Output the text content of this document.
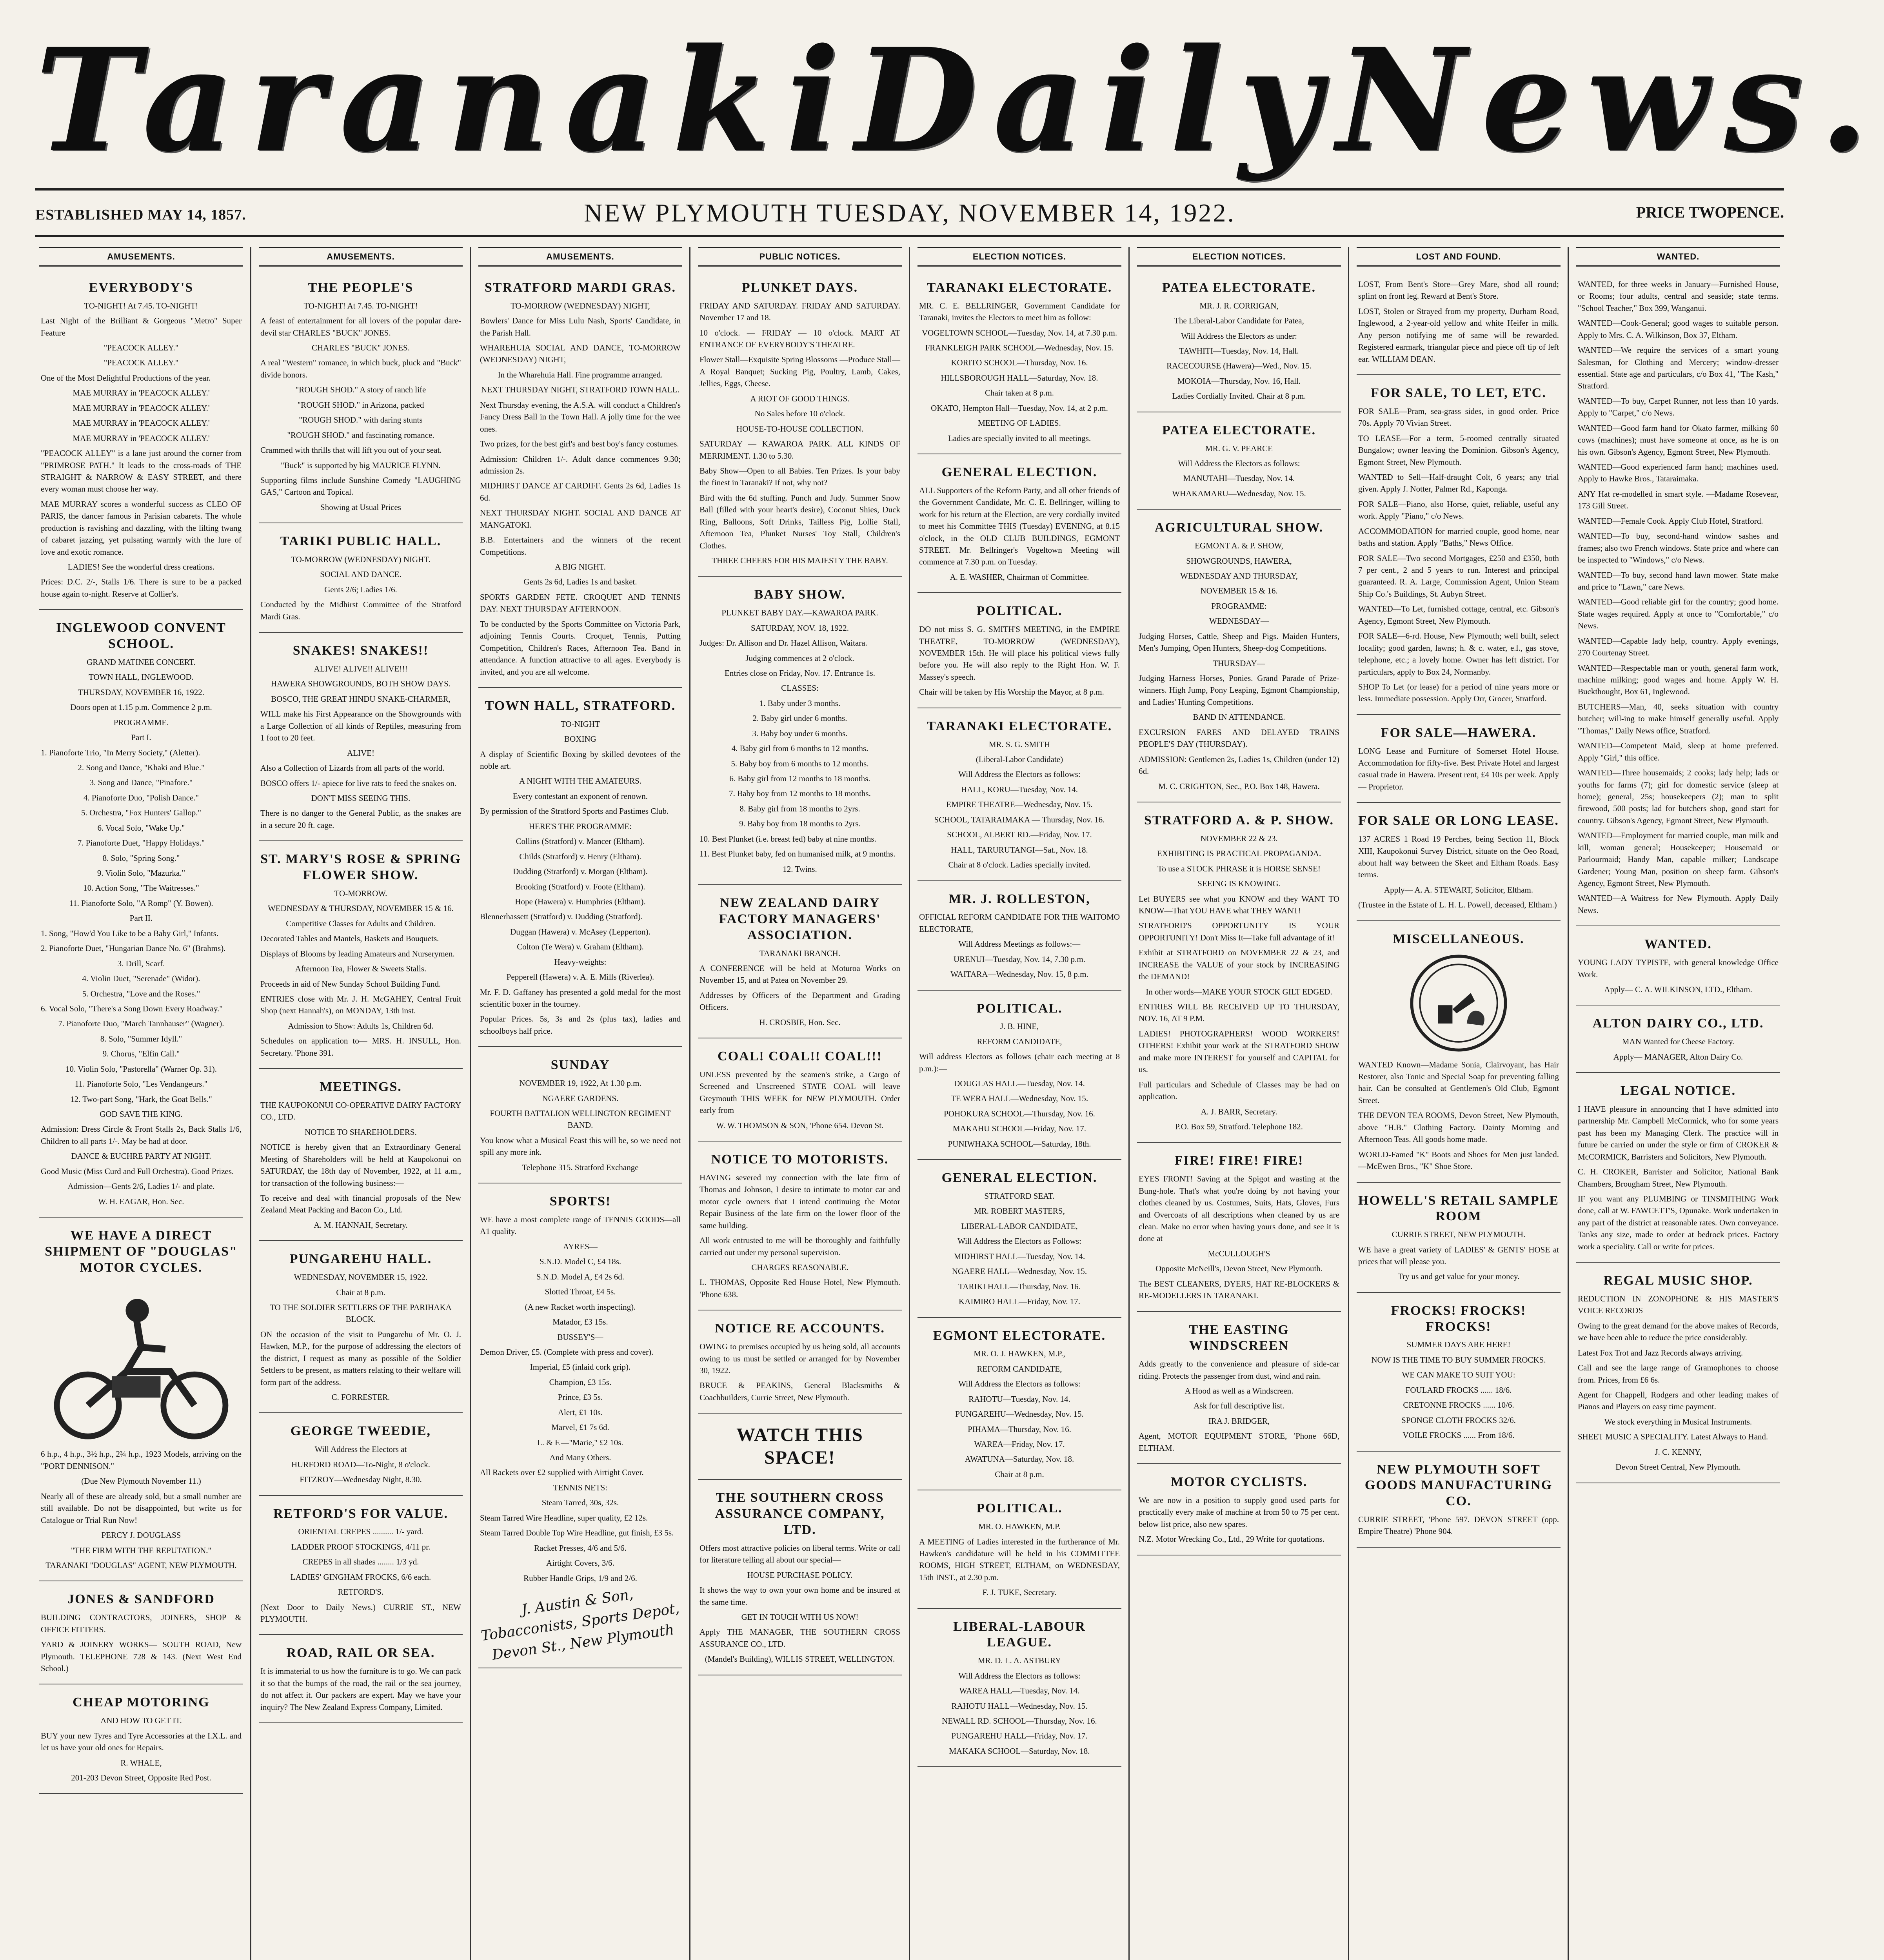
Taranaki Daily News.
ESTABLISHED MAY 14, 1857.	NEW PLYMOUTH TUESDAY, NOVEMBER 14, 1922.	PRICE TWOPENCE.
AMUSEMENTS.
EVERYBODY'S

TO-NIGHT! At 7.45. TO-NIGHT!

Last Night of the Brilliant & Gorgeous "Metro" Super Feature

"PEACOCK ALLEY."

"PEACOCK ALLEY."

One of the Most Delightful Productions of the year.

MAE MURRAY in 'PEACOCK ALLEY.'

MAE MURRAY in 'PEACOCK ALLEY.'

MAE MURRAY in 'PEACOCK ALLEY.'

MAE MURRAY in 'PEACOCK ALLEY.'

"PEACOCK ALLEY" is a lane just around the corner from "PRIMROSE PATH." It leads to the cross-roads of THE STRAIGHT & NARROW & EASY STREET, and there every woman must choose her way.

MAE MURRAY scores a wonderful success as CLEO OF PARIS, the dancer famous in Parisian cabarets. The whole production is ravishing and dazzling, with the lilting twang of cabaret jazzing, yet pulsating warmly with the lure of love and exotic romance.

LADIES! See the wonderful dress creations.

Prices: D.C. 2/-, Stalls 1/6. There is sure to be a packed house again to-night. Reserve at Collier's.

INGLEWOOD CONVENT SCHOOL.

GRAND MATINEE CONCERT.

TOWN HALL, INGLEWOOD.

THURSDAY, NOVEMBER 16, 1922.

Doors open at 1.15 p.m. Commence 2 p.m.

PROGRAMME.

Part I.

1. Pianoforte Trio, "In Merry Society," (Aletter).

2. Song and Dance, "Khaki and Blue."

3. Song and Dance, "Pinafore."

4. Pianoforte Duo, "Polish Dance."

5. Orchestra, "Fox Hunters' Gallop."

6. Vocal Solo, "Wake Up."

7. Pianoforte Duet, "Happy Holidays."

8. Solo, "Spring Song."

9. Violin Solo, "Mazurka."

10. Action Song, "The Waitresses."

11. Pianoforte Solo, "A Romp" (Y. Bowen).

Part II.

1. Song, "How'd You Like to be a Baby Girl," Infants.

2. Pianoforte Duet, "Hungarian Dance No. 6" (Brahms).

3. Drill, Scarf.

4. Violin Duet, "Serenade" (Widor).

5. Orchestra, "Love and the Roses."

6. Vocal Solo, "There's a Song Down Every Roadway."

7. Pianoforte Duo, "March Tannhauser" (Wagner).

8. Solo, "Summer Idyll."

9. Chorus, "Elfin Call."

10. Violin Solo, "Pastorella" (Warner Op. 31).

11. Pianoforte Solo, "Les Vendangeurs."

12. Two-part Song, "Hark, the Goat Bells."

GOD SAVE THE KING.

Admission: Dress Circle & Front Stalls 2s, Back Stalls 1/6, Children to all parts 1/-. May be had at door.

DANCE & EUCHRE PARTY AT NIGHT.

Good Music (Miss Curd and Full Orchestra). Good Prizes.

Admission—Gents 2/6, Ladies 1/- and plate.

W. H. EAGAR, Hon. Sec.

WE HAVE A DIRECT SHIPMENT OF "DOUGLAS" MOTOR CYCLES.

6 h.p., 4 h.p., 3½ h.p., 2¾ h.p., 1923 Models, arriving on the "PORT DENNISON."

(Due New Plymouth November 11.)

Nearly all of these are already sold, but a small number are still available. Do not be disappointed, but write us for Catalogue or Trial Run Now!

PERCY J. DOUGLASS

"THE FIRM WITH THE REPUTATION."

TARANAKI "DOUGLAS" AGENT, NEW PLYMOUTH.

JONES & SANDFORD

BUILDING CONTRACTORS, JOINERS, SHOP & OFFICE FITTERS.

YARD & JOINERY WORKS— SOUTH ROAD, New Plymouth. TELEPHONE 728 & 143. (Next West End School.)

CHEAP MOTORING

AND HOW TO GET IT.

BUY your new Tyres and Tyre Accessories at the I.X.L. and let us have your old ones for Repairs.

R. WHALE,

201-203 Devon Street, Opposite Red Post.

AMUSEMENTS.
THE PEOPLE'S

TO-NIGHT! At 7.45. TO-NIGHT!

A feast of entertainment for all lovers of the popular dare-devil star CHARLES "BUCK" JONES.

CHARLES "BUCK" JONES.

A real "Western" romance, in which buck, pluck and "Buck" divide honors.

"ROUGH SHOD." A story of ranch life

"ROUGH SHOD." in Arizona, packed

"ROUGH SHOD." with daring stunts

"ROUGH SHOD." and fascinating romance.

Crammed with thrills that will lift you out of your seat.

"Buck" is supported by big MAURICE FLYNN.

Supporting films include Sunshine Comedy "LAUGHING GAS," Cartoon and Topical.

Showing at Usual Prices

TARIKI PUBLIC HALL.

TO-MORROW (WEDNESDAY) NIGHT.

SOCIAL AND DANCE.

Gents 2/6; Ladies 1/6.

Conducted by the Midhirst Committee of the Stratford Mardi Gras.

SNAKES! SNAKES!!

ALIVE! ALIVE!! ALIVE!!!

HAWERA SHOWGROUNDS, BOTH SHOW DAYS.

BOSCO, THE GREAT HINDU SNAKE-CHARMER,

WILL make his First Appearance on the Showgrounds with a Large Collection of all kinds of Reptiles, measuring from 1 foot to 20 feet.

ALIVE!

Also a Collection of Lizards from all parts of the world.

BOSCO offers 1/- apiece for live rats to feed the snakes on.

DON'T MISS SEEING THIS.

There is no danger to the General Public, as the snakes are in a secure 20 ft. cage.

ST. MARY'S ROSE & SPRING FLOWER SHOW.

TO-MORROW.

WEDNESDAY & THURSDAY, NOVEMBER 15 & 16.

Competitive Classes for Adults and Children.

Decorated Tables and Mantels, Baskets and Bouquets.

Displays of Blooms by leading Amateurs and Nurserymen.

Afternoon Tea, Flower & Sweets Stalls.

Proceeds in aid of New Sunday School Building Fund.

ENTRIES close with Mr. J. H. McGAHEY, Central Fruit Shop (next Hannah's), on MONDAY, 13th inst.

Admission to Show: Adults 1s, Children 6d.

Schedules on application to— MRS. H. INSULL, Hon. Secretary. 'Phone 391.

MEETINGS.

THE KAUPOKONUI CO-OPERATIVE DAIRY FACTORY CO., LTD.

NOTICE TO SHAREHOLDERS.

NOTICE is hereby given that an Extraordinary General Meeting of Shareholders will be held at Kaupokonui on SATURDAY, the 18th day of November, 1922, at 11 a.m., for transaction of the following business:—

To receive and deal with financial proposals of the New Zealand Meat Packing and Bacon Co., Ltd.

A. M. HANNAH, Secretary.

PUNGAREHU HALL.

WEDNESDAY, NOVEMBER 15, 1922.

Chair at 8 p.m.

TO THE SOLDIER SETTLERS OF THE PARIHAKA BLOCK.

ON the occasion of the visit to Pungarehu of Mr. O. J. Hawken, M.P., for the purpose of addressing the electors of the district, I request as many as possible of the Soldier Settlers to be present, as matters relating to their welfare will form part of the address.

C. FORRESTER.

GEORGE TWEEDIE,

Will Address the Electors at

HURFORD ROAD—To-Night, 8 o'clock.

FITZROY—Wednesday Night, 8.30.

RETFORD'S FOR VALUE.

ORIENTAL CREPES .......... 1/- yard.

LADDER PROOF STOCKINGS, 4/11 pr.

CREPES in all shades ........ 1/3 yd.

LADIES' GINGHAM FROCKS, 6/6 each.

RETFORD'S.

(Next Door to Daily News.) CURRIE ST., NEW PLYMOUTH.

ROAD, RAIL OR SEA.

It is immaterial to us how the furniture is to go. We can pack it so that the bumps of the road, the rail or the sea journey, do not affect it. Our packers are expert. May we have your inquiry? The New Zealand Express Company, Limited.

AMUSEMENTS.
STRATFORD MARDI GRAS.

TO-MORROW (WEDNESDAY) NIGHT,

Bowlers' Dance for Miss Lulu Nash, Sports' Candidate, in the Parish Hall.

WHAREHUIA SOCIAL AND DANCE, TO-MORROW (WEDNESDAY) NIGHT,

In the Wharehuia Hall. Fine programme arranged.

NEXT THURSDAY NIGHT, STRATFORD TOWN HALL.

Next Thursday evening, the A.S.A. will conduct a Children's Fancy Dress Ball in the Town Hall. A jolly time for the wee ones.

Two prizes, for the best girl's and best boy's fancy costumes.

Admission: Children 1/-. Adult dance commences 9.30; admission 2s.

MIDHIRST DANCE AT CARDIFF. Gents 2s 6d, Ladies 1s 6d.

NEXT THURSDAY NIGHT. SOCIAL AND DANCE AT MANGATOKI.

B.B. Entertainers and the winners of the recent Competitions.

A BIG NIGHT.

Gents 2s 6d, Ladies 1s and basket.

SPORTS GARDEN FETE. CROQUET AND TENNIS DAY. NEXT THURSDAY AFTERNOON.

To be conducted by the Sports Committee on Victoria Park, adjoining Tennis Courts. Croquet, Tennis, Putting Competition, Children's Races, Afternoon Tea. Band in attendance. A function attractive to all ages. Everybody is invited, and you are all welcome.

TOWN HALL, STRATFORD.

TO-NIGHT

BOXING

A display of Scientific Boxing by skilled devotees of the noble art.

A NIGHT WITH THE AMATEURS.

Every contestant an exponent of renown.

By permission of the Stratford Sports and Pastimes Club.

HERE'S THE PROGRAMME:

Collins (Stratford) v. Mancer (Eltham).

Childs (Stratford) v. Henry (Eltham).

Dudding (Stratford) v. Morgan (Eltham).

Brooking (Stratford) v. Foote (Eltham).

Hope (Hawera) v. Humphries (Eltham).

Blennerhassett (Stratford) v. Dudding (Stratford).

Duggan (Hawera) v. McAsey (Lepperton).

Colton (Te Wera) v. Graham (Eltham).

Heavy-weights:

Pepperell (Hawera) v. A. E. Mills (Riverlea).

Mr. F. D. Gaffaney has presented a gold medal for the most scientific boxer in the tourney.

Popular Prices. 5s, 3s and 2s (plus tax), ladies and schoolboys half price.

SUNDAY

NOVEMBER 19, 1922, At 1.30 p.m.

NGAERE GARDENS.

FOURTH BATTALION WELLINGTON REGIMENT BAND.

You know what a Musical Feast this will be, so we need not spill any more ink.

Telephone 315. Stratford Exchange

SPORTS!

WE have a most complete range of TENNIS GOODS—all A1 quality.

AYRES—

S.N.D. Model C, £4 18s.

S.N.D. Model A, £4 2s 6d.

Slotted Throat, £4 5s.

(A new Racket worth inspecting).

Matador, £3 15s.

BUSSEY'S—

Demon Driver, £5. (Complete with press and cover).

Imperial, £5 (inlaid cork grip).

Champion, £3 15s.

Prince, £3 5s.

Alert, £1 10s.

Marvel, £1 7s 6d.

L. & F.—"Marie," £2 10s.

And Many Others.

All Rackets over £2 supplied with Airtight Cover.

TENNIS NETS:

Steam Tarred, 30s, 32s.

Steam Tarred Wire Headline, super quality, £2 12s.

Steam Tarred Double Top Wire Headline, gut finish, £3 5s.

Racket Presses, 4/6 and 5/6.

Airtight Covers, 3/6.

Rubber Handle Grips, 1/9 and 2/6.

J. Austin & Son, Tobacconists, Sports Depot, Devon St., New Plymouth
PUBLIC NOTICES.
PLUNKET DAYS.

FRIDAY AND SATURDAY. FRIDAY AND SATURDAY. November 17 and 18.

10 o'clock. — FRIDAY — 10 o'clock. MART AT ENTRANCE OF EVERYBODY'S THEATRE.

Flower Stall—Exquisite Spring Blossoms —Produce Stall—A Royal Banquet; Sucking Pig, Poultry, Lamb, Cakes, Jellies, Eggs, Cheese.

A RIOT OF GOOD THINGS.

No Sales before 10 o'clock.

HOUSE-TO-HOUSE COLLECTION.

SATURDAY — KAWAROA PARK. ALL KINDS OF MERRIMENT. 1.30 to 5.30.

Baby Show—Open to all Babies. Ten Prizes. Is your baby the finest in Taranaki? If not, why not?

Bird with the 6d stuffing. Punch and Judy. Summer Snow Ball (filled with your heart's desire), Coconut Shies, Duck Ring, Balloons, Soft Drinks, Tailless Pig, Lollie Stall, Afternoon Tea, Plunket Nurses' Toy Stall, Children's Clothes.

THREE CHEERS FOR HIS MAJESTY THE BABY.

BABY SHOW.

PLUNKET BABY DAY.—KAWAROA PARK.

SATURDAY, NOV. 18, 1922.

Judges: Dr. Allison and Dr. Hazel Allison, Waitara.

Judging commences at 2 o'clock.

Entries close on Friday, Nov. 17. Entrance 1s.

CLASSES:

1. Baby under 3 months.

2. Baby girl under 6 months.

3. Baby boy under 6 months.

4. Baby girl from 6 months to 12 months.

5. Baby boy from 6 months to 12 months.

6. Baby girl from 12 months to 18 months.

7. Baby boy from 12 months to 18 months.

8. Baby girl from 18 months to 2yrs.

9. Baby boy from 18 months to 2yrs.

10. Best Plunket (i.e. breast fed) baby at nine months.

11. Best Plunket baby, fed on humanised milk, at 9 months.

12. Twins.

NEW ZEALAND DAIRY FACTORY MANAGERS' ASSOCIATION.

TARANAKI BRANCH.

A CONFERENCE will be held at Moturoa Works on November 15, and at Patea on November 29.

Addresses by Officers of the Department and Grading Officers.

H. CROSBIE, Hon. Sec.

COAL! COAL!! COAL!!!

UNLESS prevented by the seamen's strike, a Cargo of Screened and Unscreened STATE COAL will leave Greymouth THIS WEEK for NEW PLYMOUTH. Order early from

W. W. THOMSON & SON, 'Phone 654. Devon St.

NOTICE TO MOTORISTS.

HAVING severed my connection with the late firm of Thomas and Johnson, I desire to intimate to motor car and motor cycle owners that I intend continuing the Motor Repair Business of the late firm on the lower floor of the same building.

All work entrusted to me will be thoroughly and faithfully carried out under my personal supervision.

CHARGES REASONABLE.

L. THOMAS, Opposite Red House Hotel, New Plymouth. 'Phone 638.

NOTICE RE ACCOUNTS.

OWING to premises occupied by us being sold, all accounts owing to us must be settled or arranged for by November 30, 1922.

BRUCE & PEAKINS, General Blacksmiths & Coachbuilders, Currie Street, New Plymouth.

WATCH THIS SPACE!
THE SOUTHERN CROSS ASSURANCE COMPANY, LTD.

Offers most attractive policies on liberal terms. Write or call for literature telling all about our special—

HOUSE PURCHASE POLICY.

It shows the way to own your own home and be insured at the same time.

GET IN TOUCH WITH US NOW!

Apply THE MANAGER, THE SOUTHERN CROSS ASSURANCE CO., LTD.

(Mandel's Building), WILLIS STREET, WELLINGTON.

ELECTION NOTICES.
TARANAKI ELECTORATE.

MR. C. E. BELLRINGER, Government Candidate for Taranaki, invites the Electors to meet him as follow:

VOGELTOWN SCHOOL—Tuesday, Nov. 14, at 7.30 p.m.

FRANKLEIGH PARK SCHOOL—Wednesday, Nov. 15.

KORITO SCHOOL—Thursday, Nov. 16.

HILLSBOROUGH HALL—Saturday, Nov. 18.

Chair taken at 8 p.m.

OKATO, Hempton Hall—Tuesday, Nov. 14, at 2 p.m.

MEETING OF LADIES.

Ladies are specially invited to all meetings.

GENERAL ELECTION.

ALL Supporters of the Reform Party, and all other friends of the Government Candidate, Mr. C. E. Bellringer, willing to work for his return at the Election, are very cordially invited to meet his Committee THIS (Tuesday) EVENING, at 8.15 o'clock, in the OLD CLUB BUILDINGS, EGMONT STREET. Mr. Bellringer's Vogeltown Meeting will commence at 7.30 p.m. on Tuesday.

A. E. WASHER, Chairman of Committee.

POLITICAL.

DO not miss S. G. SMITH'S MEETING, in the EMPIRE THEATRE, TO-MORROW (WEDNESDAY), NOVEMBER 15th. He will place his political views fully before you. He will also reply to the Right Hon. W. F. Massey's speech.

Chair will be taken by His Worship the Mayor, at 8 p.m.

TARANAKI ELECTORATE.

MR. S. G. SMITH

(Liberal-Labor Candidate)

Will Address the Electors as follows:

HALL, KORU—Tuesday, Nov. 14.

EMPIRE THEATRE—Wednesday, Nov. 15.

SCHOOL, TATARAIMAKA — Thursday, Nov. 16.

SCHOOL, ALBERT RD.—Friday, Nov. 17.

HALL, TARURUTANGI—Sat., Nov. 18.

Chair at 8 o'clock. Ladies specially invited.

MR. J. ROLLESTON,

OFFICIAL REFORM CANDIDATE FOR THE WAITOMO ELECTORATE,

Will Address Meetings as follows:—

URENUI—Tuesday, Nov. 14, 7.30 p.m.

WAITARA—Wednesday, Nov. 15, 8 p.m.

POLITICAL.

J. B. HINE,

REFORM CANDIDATE,

Will address Electors as follows (chair each meeting at 8 p.m.):—

DOUGLAS HALL—Tuesday, Nov. 14.

TE WERA HALL—Wednesday, Nov. 15.

POHOKURA SCHOOL—Thursday, Nov. 16.

MAKAHU SCHOOL—Friday, Nov. 17.

PUNIWHAKA SCHOOL—Saturday, 18th.

GENERAL ELECTION.

STRATFORD SEAT.

MR. ROBERT MASTERS,

LIBERAL-LABOR CANDIDATE,

Will Address the Electors as Follows:

MIDHIRST HALL—Tuesday, Nov. 14.

NGAERE HALL—Wednesday, Nov. 15.

TARIKI HALL—Thursday, Nov. 16.

KAIMIRO HALL—Friday, Nov. 17.

EGMONT ELECTORATE.

MR. O. J. HAWKEN, M.P.,

REFORM CANDIDATE,

Will Address the Electors as follows:

RAHOTU—Tuesday, Nov. 14.

PUNGAREHU—Wednesday, Nov. 15.

PIHAMA—Thursday, Nov. 16.

WAREA—Friday, Nov. 17.

AWATUNA—Saturday, Nov. 18.

Chair at 8 p.m.

POLITICAL.

MR. O. HAWKEN, M.P.

A MEETING of Ladies interested in the furtherance of Mr. Hawken's candidature will be held in his COMMITTEE ROOMS, HIGH STREET, ELTHAM, on WEDNESDAY, 15th INST., at 2.30 p.m.

F. J. TUKE, Secretary.

LIBERAL-LABOUR LEAGUE.

MR. D. L. A. ASTBURY

Will Address the Electors as follows:

WAREA HALL—Tuesday, Nov. 14.

RAHOTU HALL—Wednesday, Nov. 15.

NEWALL RD. SCHOOL—Thursday, Nov. 16.

PUNGAREHU HALL—Friday, Nov. 17.

MAKAKA SCHOOL—Saturday, Nov. 18.

ELECTION NOTICES.
PATEA ELECTORATE.

MR. J. R. CORRIGAN,

The Liberal-Labor Candidate for Patea,

Will Address the Electors as under:

TAWHITI—Tuesday, Nov. 14, Hall.

RACECOURSE (Hawera)—Wed., Nov. 15.

MOKOIA—Thursday, Nov. 16, Hall.

Ladies Cordially Invited. Chair at 8 p.m.

PATEA ELECTORATE.

MR. G. V. PEARCE

Will Address the Electors as follows:

MANUTAHI—Tuesday, Nov. 14.

WHAKAMARU—Wednesday, Nov. 15.

AGRICULTURAL SHOW.

EGMONT A. & P. SHOW,

SHOWGROUNDS, HAWERA,

WEDNESDAY AND THURSDAY,

NOVEMBER 15 & 16.

PROGRAMME:

WEDNESDAY—

Judging Horses, Cattle, Sheep and Pigs. Maiden Hunters, Men's Jumping, Open Hunters, Sheep-dog Competitions.

THURSDAY—

Judging Harness Horses, Ponies. Grand Parade of Prize-winners. High Jump, Pony Leaping, Egmont Championship, and Ladies' Hunting Competitions.

BAND IN ATTENDANCE.

EXCURSION FARES AND DELAYED TRAINS PEOPLE'S DAY (THURSDAY).

ADMISSION: Gentlemen 2s, Ladies 1s, Children (under 12) 6d.

M. C. CRIGHTON, Sec., P.O. Box 148, Hawera.

STRATFORD A. & P. SHOW.

NOVEMBER 22 & 23.

EXHIBITING IS PRACTICAL PROPAGANDA.

To use a STOCK PHRASE it is HORSE SENSE!

SEEING IS KNOWING.

Let BUYERS see what you KNOW and they WANT TO KNOW—That YOU HAVE what THEY WANT!

STRATFORD'S OPPORTUNITY IS YOUR OPPORTUNITY! Don't Miss It—Take full advantage of it!

Exhibit at STRATFORD on NOVEMBER 22 & 23, and INCREASE the VALUE of your stock by INCREASING the DEMAND!

In other words—MAKE YOUR STOCK GILT EDGED.

ENTRIES WILL BE RECEIVED UP TO THURSDAY, NOV. 16, AT 9 P.M.

LADIES! PHOTOGRAPHERS! WOOD WORKERS! OTHERS! Exhibit your work at the STRATFORD SHOW and make more INTEREST for yourself and CAPITAL for us.

Full particulars and Schedule of Classes may be had on application.

A. J. BARR, Secretary.

P.O. Box 59, Stratford. Telephone 182.

FIRE! FIRE! FIRE!

EYES FRONT! Saving at the Spigot and wasting at the Bung-hole. That's what you're doing by not having your clothes cleaned by us. Costumes, Suits, Hats, Gloves, Furs and Overcoats of all descriptions when cleaned by us are clean. Make no error when having yours done, and see it is done at

McCULLOUGH'S

Opposite McNeill's, Devon Street, New Plymouth.

The BEST CLEANERS, DYERS, HAT RE-BLOCKERS & RE-MODELLERS IN TARANAKI.

THE EASTING WINDSCREEN

Adds greatly to the convenience and pleasure of side-car riding. Protects the passenger from dust, wind and rain.

A Hood as well as a Windscreen.

Ask for full descriptive list.

IRA J. BRIDGER,

Agent, MOTOR EQUIPMENT STORE, 'Phone 66D, ELTHAM.

MOTOR CYCLISTS.

We are now in a position to supply good used parts for practically every make of machine at from 50 to 75 per cent. below list price, also new spares.

N.Z. Motor Wrecking Co., Ltd., 29 Write for quotations.

LOST AND FOUND.

LOST, From Bent's Store—Grey Mare, shod all round; splint on front leg. Reward at Bent's Store.

LOST, Stolen or Strayed from my property, Durham Road, Inglewood, a 2-year-old yellow and white Heifer in milk. Any person notifying me of same will be rewarded. Registered earmark, triangular piece and piece off tip of left ear. WILLIAM DEAN.

FOR SALE, TO LET, ETC.

FOR SALE—Pram, sea-grass sides, in good order. Price 70s. Apply 70 Vivian Street.

TO LEASE—For a term, 5-roomed centrally situated Bungalow; owner leaving the Dominion. Gibson's Agency, Egmont Street, New Plymouth.

WANTED to Sell—Half-draught Colt, 6 years; any trial given. Apply J. Notter, Palmer Rd., Kaponga.

FOR SALE—Piano, also Horse, quiet, reliable, useful any work. Apply "Piano," c/o News.

ACCOMMODATION for married couple, good home, near baths and station. Apply "Baths," News Office.

FOR SALE—Two second Mortgages, £250 and £350, both 7 per cent., 2 and 5 years to run. Interest and principal guaranteed. R. A. Large, Commission Agent, Union Steam Ship Co.'s Buildings, St. Aubyn Street.

WANTED—To Let, furnished cottage, central, etc. Gibson's Agency, Egmont Street, New Plymouth.

FOR SALE—6-rd. House, New Plymouth; well built, select locality; good garden, lawns; h. & c. water, e.l., gas stove, telephone, etc.; a lovely home. Owner has left district. For particulars, apply to Box 24, Normanby.

SHOP To Let (or lease) for a period of nine years more or less. Immediate possession. Apply Orr, Grocer, Stratford.

FOR SALE—HAWERA.

LONG Lease and Furniture of Somerset Hotel House. Accommodation for fifty-five. Best Private Hotel and largest casual trade in Hawera. Present rent, £4 10s per week. Apply— Proprietor.

FOR SALE OR LONG LEASE.

137 ACRES 1 Road 19 Perches, being Section 11, Block XIII, Kaupokonui Survey District, situate on the Oeo Road, about half way between the Skeet and Eltham Roads. Easy terms.

Apply— A. A. STEWART, Solicitor, Eltham.

(Trustee in the Estate of L. H. L. Powell, deceased, Eltham.)

MISCELLANEOUS.

WANTED Known—Madame Sonia, Clairvoyant, has Hair Restorer, also Tonic and Special Soap for preventing falling hair. Can be consulted at Gentlemen's Old Club, Egmont Street.

THE DEVON TEA ROOMS, Devon Street, New Plymouth, above "H.B." Clothing Factory. Dainty Morning and Afternoon Teas. All goods home made.

WORLD-Famed "K" Boots and Shoes for Men just landed.—McEwen Bros., "K" Shoe Store.

HOWELL'S RETAIL SAMPLE ROOM

CURRIE STREET, NEW PLYMOUTH.

WE have a great variety of LADIES' & GENTS' HOSE at prices that will please you.

Try us and get value for your money.

FROCKS! FROCKS! FROCKS!

SUMMER DAYS ARE HERE!

NOW IS THE TIME TO BUY SUMMER FROCKS.

WE CAN MAKE TO SUIT YOU:

FOULARD FROCKS ...... 18/6.

CRETONNE FROCKS ...... 10/6.

SPONGE CLOTH FROCKS 32/6.

VOILE FROCKS ...... From 18/6.

NEW PLYMOUTH SOFT GOODS MANUFACTURING CO.

CURRIE STREET, 'Phone 597. DEVON STREET (opp. Empire Theatre) 'Phone 904.

WANTED.

WANTED, for three weeks in January—Furnished House, or Rooms; four adults, central and seaside; state terms. "School Teacher," Box 399, Wanganui.

WANTED—Cook-General; good wages to suitable person. Apply to Mrs. C. A. Wilkinson, Box 37, Eltham.

WANTED—We require the services of a smart young Salesman, for Clothing and Mercery; window-dresser essential. State age and particulars, c/o Box 41, "The Kash," Stratford.

WANTED—To buy, Carpet Runner, not less than 10 yards. Apply to "Carpet," c/o News.

WANTED—Good farm hand for Okato farmer, milking 60 cows (machines); must have someone at once, as he is on his own. Gibson's Agency, Egmont Street, New Plymouth.

WANTED—Good experienced farm hand; machines used. Apply to Hawke Bros., Tataraimaka.

ANY Hat re-modelled in smart style. —Madame Rosevear, 173 Gill Street.

WANTED—Female Cook. Apply Club Hotel, Stratford.

WANTED—To buy, second-hand window sashes and frames; also two French windows. State price and where can be inspected to "Windows," c/o News.

WANTED—To buy, second hand lawn mower. State make and price to "Lawn," care News.

WANTED—Good reliable girl for the country; good home. State wages required. Apply at once to "Comfortable," c/o News.

WANTED—Capable lady help, country. Apply evenings, 270 Courtenay Street.

WANTED—Respectable man or youth, general farm work, machine milking; good wages and home. Apply W. H. Buckthought, Box 61, Inglewood.

BUTCHERS—Man, 40, seeks situation with country butcher; will-ing to make himself generally useful. Apply "Thomas," Daily News office, Stratford.

WANTED—Competent Maid, sleep at home preferred. Apply "Girl," this office.

WANTED—Three housemaids; 2 cooks; lady help; lads or youths for farms (7); girl for domestic service (sleep at home); general, 25s; housekeepers (2); man to split firewood, 500 posts; lad for butchers shop, good start for country. Gibson's Agency, Egmont Street, New Plymouth.

WANTED—Employment for married couple, man milk and kill, woman general; Housekeeper; Housemaid or Parlourmaid; Handy Man, capable milker; Landscape Gardener; Young Man, position on sheep farm. Gibson's Agency, Egmont Street, New Plymouth.

WANTED—A Waitress for New Plymouth. Apply Daily News.

WANTED.

YOUNG LADY TYPISTE, with general knowledge Office Work.

Apply— C. A. WILKINSON, LTD., Eltham.

ALTON DAIRY CO., LTD.

MAN Wanted for Cheese Factory.

Apply— MANAGER, Alton Dairy Co.

LEGAL NOTICE.

I HAVE pleasure in announcing that I have admitted into partnership Mr. Campbell McCormick, who for some years past has been my Managing Clerk. The practice will in future be carried on under the style or firm of CROKER & McCORMICK, Barristers and Solicitors, New Plymouth.

C. H. CROKER, Barrister and Solicitor, National Bank Chambers, Brougham Street, New Plymouth.

IF you want any PLUMBING or TINSMITHING Work done, call at W. FAWCETT'S, Opunake. Work undertaken in any part of the district at reasonable rates. Own conveyance. Tanks any size, made to order at bedrock prices. Factory work a speciality. Call or write for prices.

REGAL MUSIC SHOP.

REDUCTION IN ZONOPHONE & HIS MASTER'S VOICE RECORDS

Owing to the great demand for the above makes of Records, we have been able to reduce the price considerably.

Latest Fox Trot and Jazz Records always arriving.

Call and see the large range of Gramophones to choose from. Prices, from £6 6s.

Agent for Chappell, Rodgers and other leading makes of Pianos and Players on easy time payment.

We stock everything in Musical Instruments.

SHEET MUSIC A SPECIALITY. Latest Always to Hand.

J. C. KENNY,

Devon Street Central, New Plymouth.
